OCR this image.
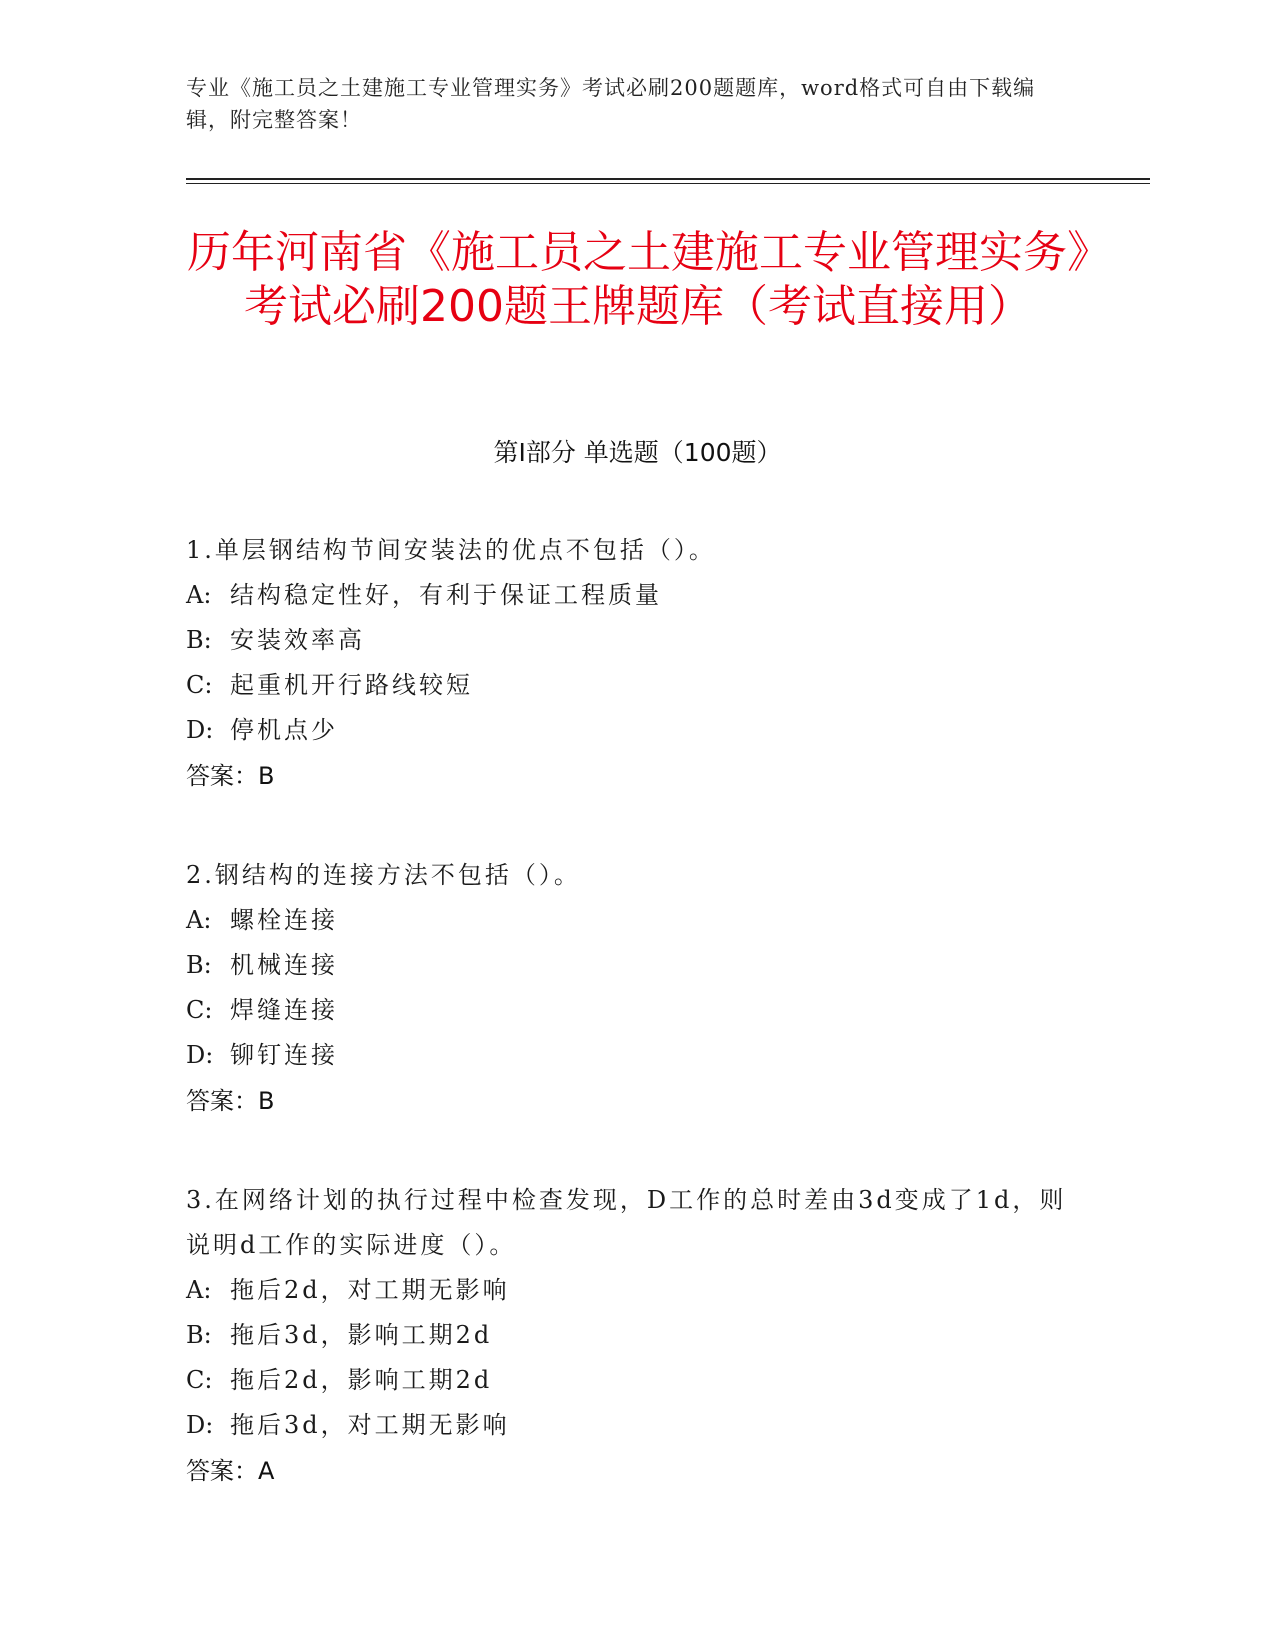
专业《施工员之土建施工专业管理实务》考试必刷200题题库，word格式可自由下载编辑，附完整答案！
历年河南省《施工员之土建施工专业管理实务》考试必刷200题王牌题库（考试直接用）
第Ⅰ部分 单选题（100题）
1.单层钢结构节间安装法的优点不包括（）。
A: 结构稳定性好，有利于保证工程质量
B: 安装效率高
C: 起重机开行路线较短
D: 停机点少
答案：B
2.钢结构的连接方法不包括（）。
A: 螺栓连接
B: 机械连接
C: 焊缝连接
D: 铆钉连接
答案：B
3.在网络计划的执行过程中检查发现，D工作的总时差由3d变成了1d，则说明d工作的实际进度（）。
A: 拖后2d，对工期无影响
B: 拖后3d，影响工期2d
C: 拖后2d，影响工期2d
D: 拖后3d，对工期无影响
答案：A
